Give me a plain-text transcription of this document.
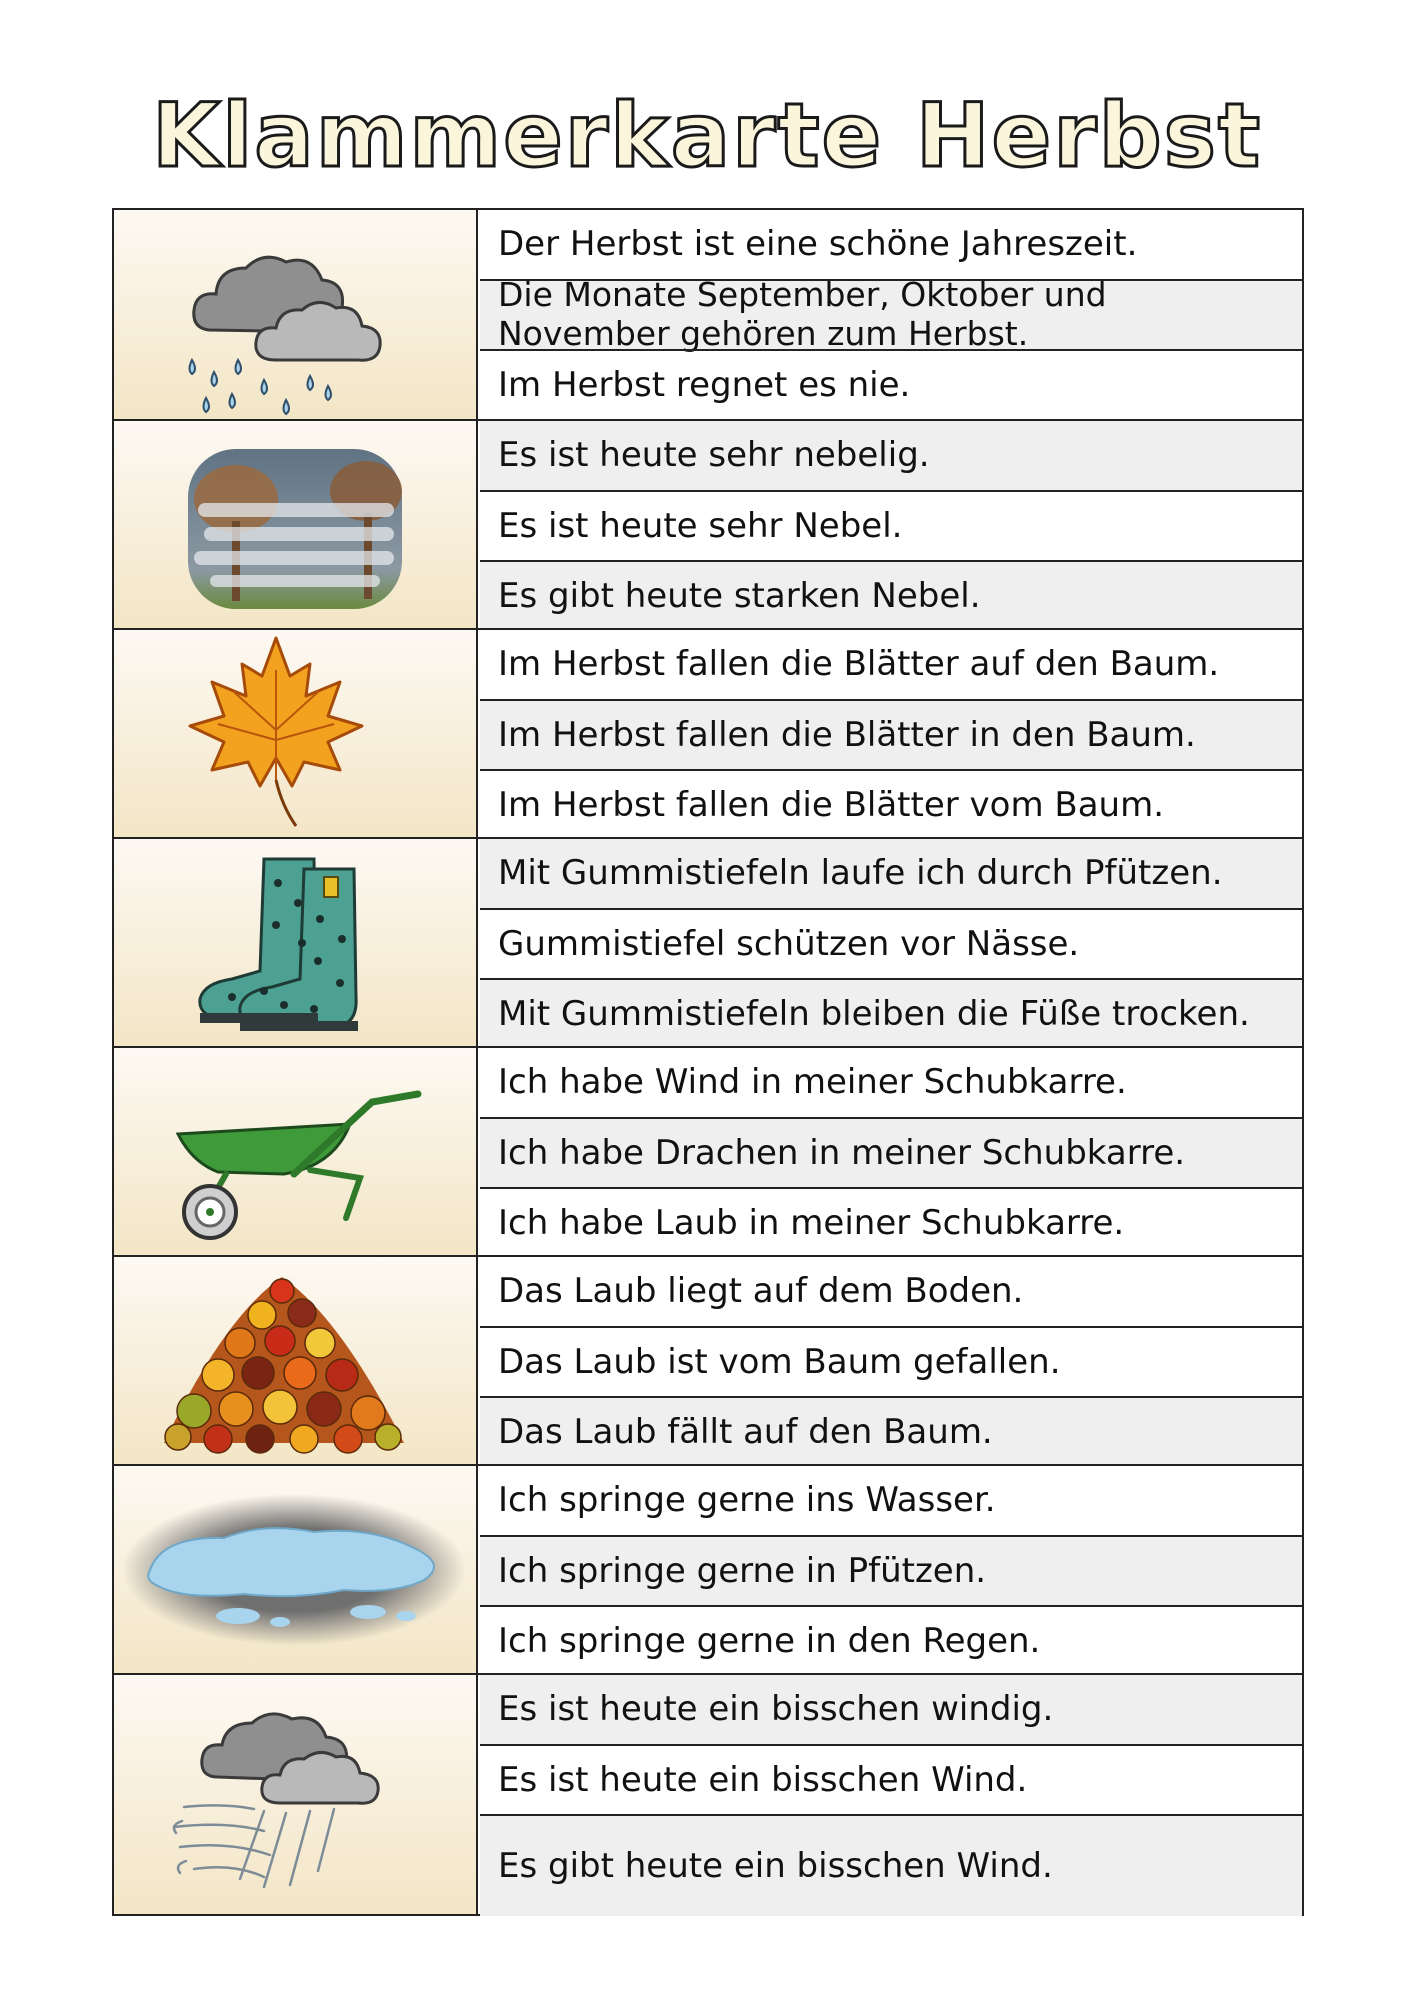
Klammerkarte Herbst
Der Herbst ist eine schöne Jahreszeit.
Die Monate September, Oktober und November gehören zum Herbst.
Im Herbst regnet es nie.
Es ist heute sehr nebelig.
Es ist heute sehr Nebel.
Es gibt heute starken Nebel.
Im Herbst fallen die Blätter auf den Baum.
Im Herbst fallen die Blätter in den Baum.
Im Herbst fallen die Blätter vom Baum.
Mit Gummistiefeln laufe ich durch Pfützen.
Gummistiefel schützen vor Nässe.
Mit Gummistiefeln bleiben die Füße trocken.
Ich habe Wind in meiner Schubkarre.
Ich habe Drachen in meiner Schubkarre.
Ich habe Laub in meiner Schubkarre.
Das Laub liegt auf dem Boden.
Das Laub ist vom Baum gefallen.
Das Laub fällt auf den Baum.
Ich springe gerne ins Wasser.
Ich springe gerne in Pfützen.
Ich springe gerne in den Regen.
Es ist heute ein bisschen windig.
Es ist heute ein bisschen Wind.
Es gibt heute ein bisschen Wind.
